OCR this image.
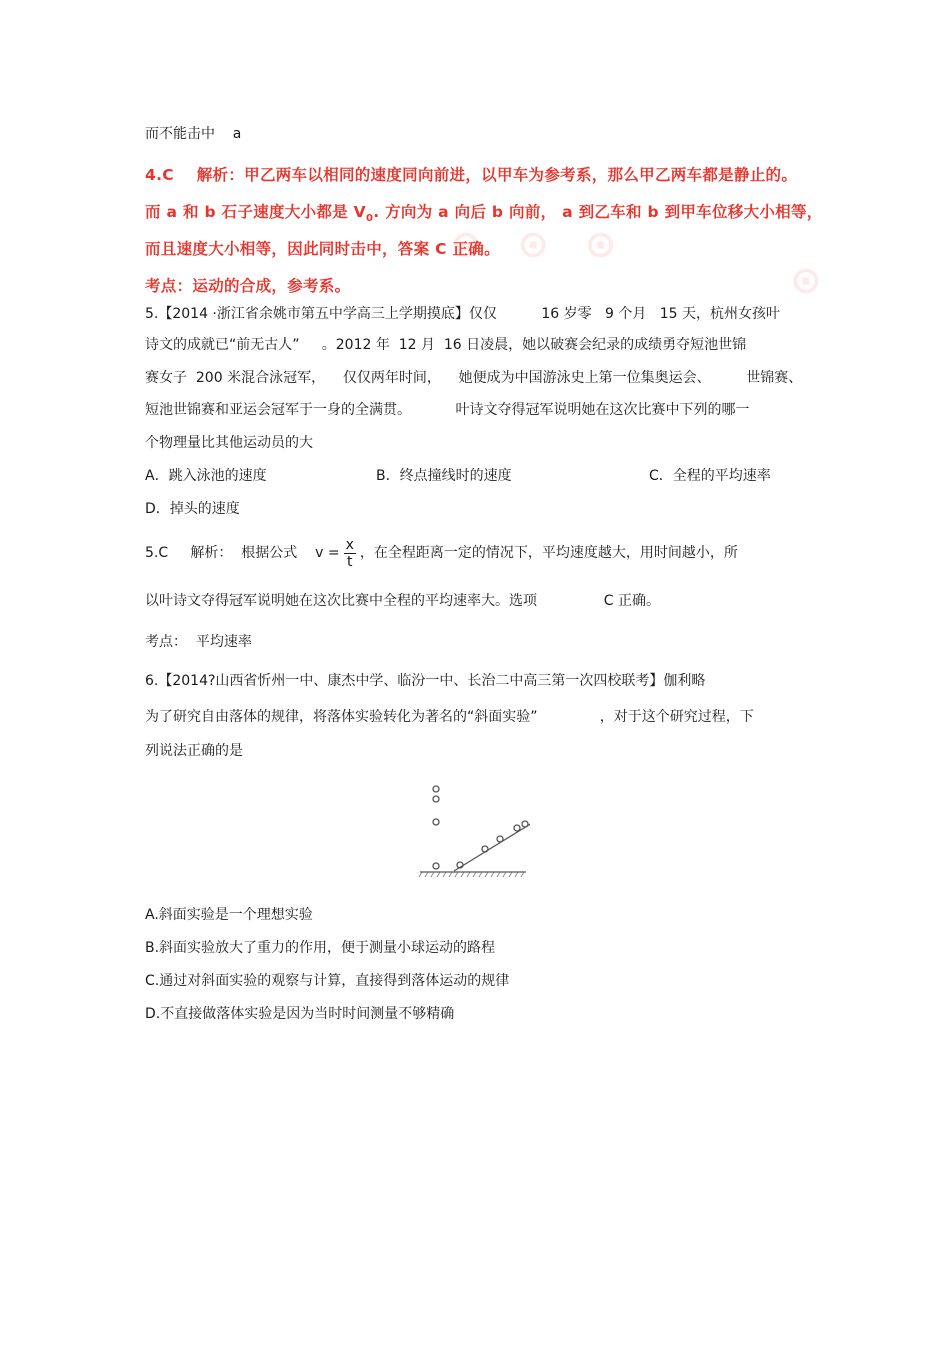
而不能击中    a
4.C 解析：甲乙两车以相同的速度同向前进，以甲车为参考系，那么甲乙两车都是静止的。
而 a 和 b 石子速度大小都是 $V_0$. 方向为 a 向后 b 向前， a 到乙车和 b 到甲车位移大小相等，
而且速度大小相等，因此同时击中，答案 C 正确。
考点：运动的合成，参考系。
⊙  ⊙  ⊙
⊙
5.【2014 ·浙江省余姚市第五中学高三上学期摸底】仅仅          16 岁零   9 个月   15 天，杭州女孩叶
诗文的成就已“前无古人”     。2012 年  12 月  16 日凌晨，她以破赛会纪录的成绩勇夺短池世锦
赛女子  200 米混合泳冠军，    仅仅两年时间，    她便成为中国游泳史上第一位集奥运会、        世锦赛、
短池世锦赛和亚运会冠军于一身的全满贯。          叶诗文夺得冠军说明她在这次比赛中下列的哪一
个物理量比其他运动员的大
A．跳入泳池的速度	B．终点撞线时的速度	C．全程的平均速率
D．掉头的速度
5.C     解析：  根据公式    $v = \frac{x}{t}$ ，在全程距离一定的情况下，平均速度越大，用时间越小，所
以叶诗文夺得冠军说明她在这次比赛中全程的平均速率大。选项               C 正确。
考点：  平均速率
6.【2014?山西省忻州一中、康杰中学、临汾一中、长治二中高三第一次四校联考】伽利略
为了研究自由落体的规律，将落体实验转化为著名的“斜面实验”              ，对于这个研究过程，下
列说法正确的是
A.斜面实验是一个理想实验
B.斜面实验放大了重力的作用，便于测量小球运动的路程
C.通过对斜面实验的观察与计算，直接得到落体运动的规律
D.不直接做落体实验是因为当时时间测量不够精确
